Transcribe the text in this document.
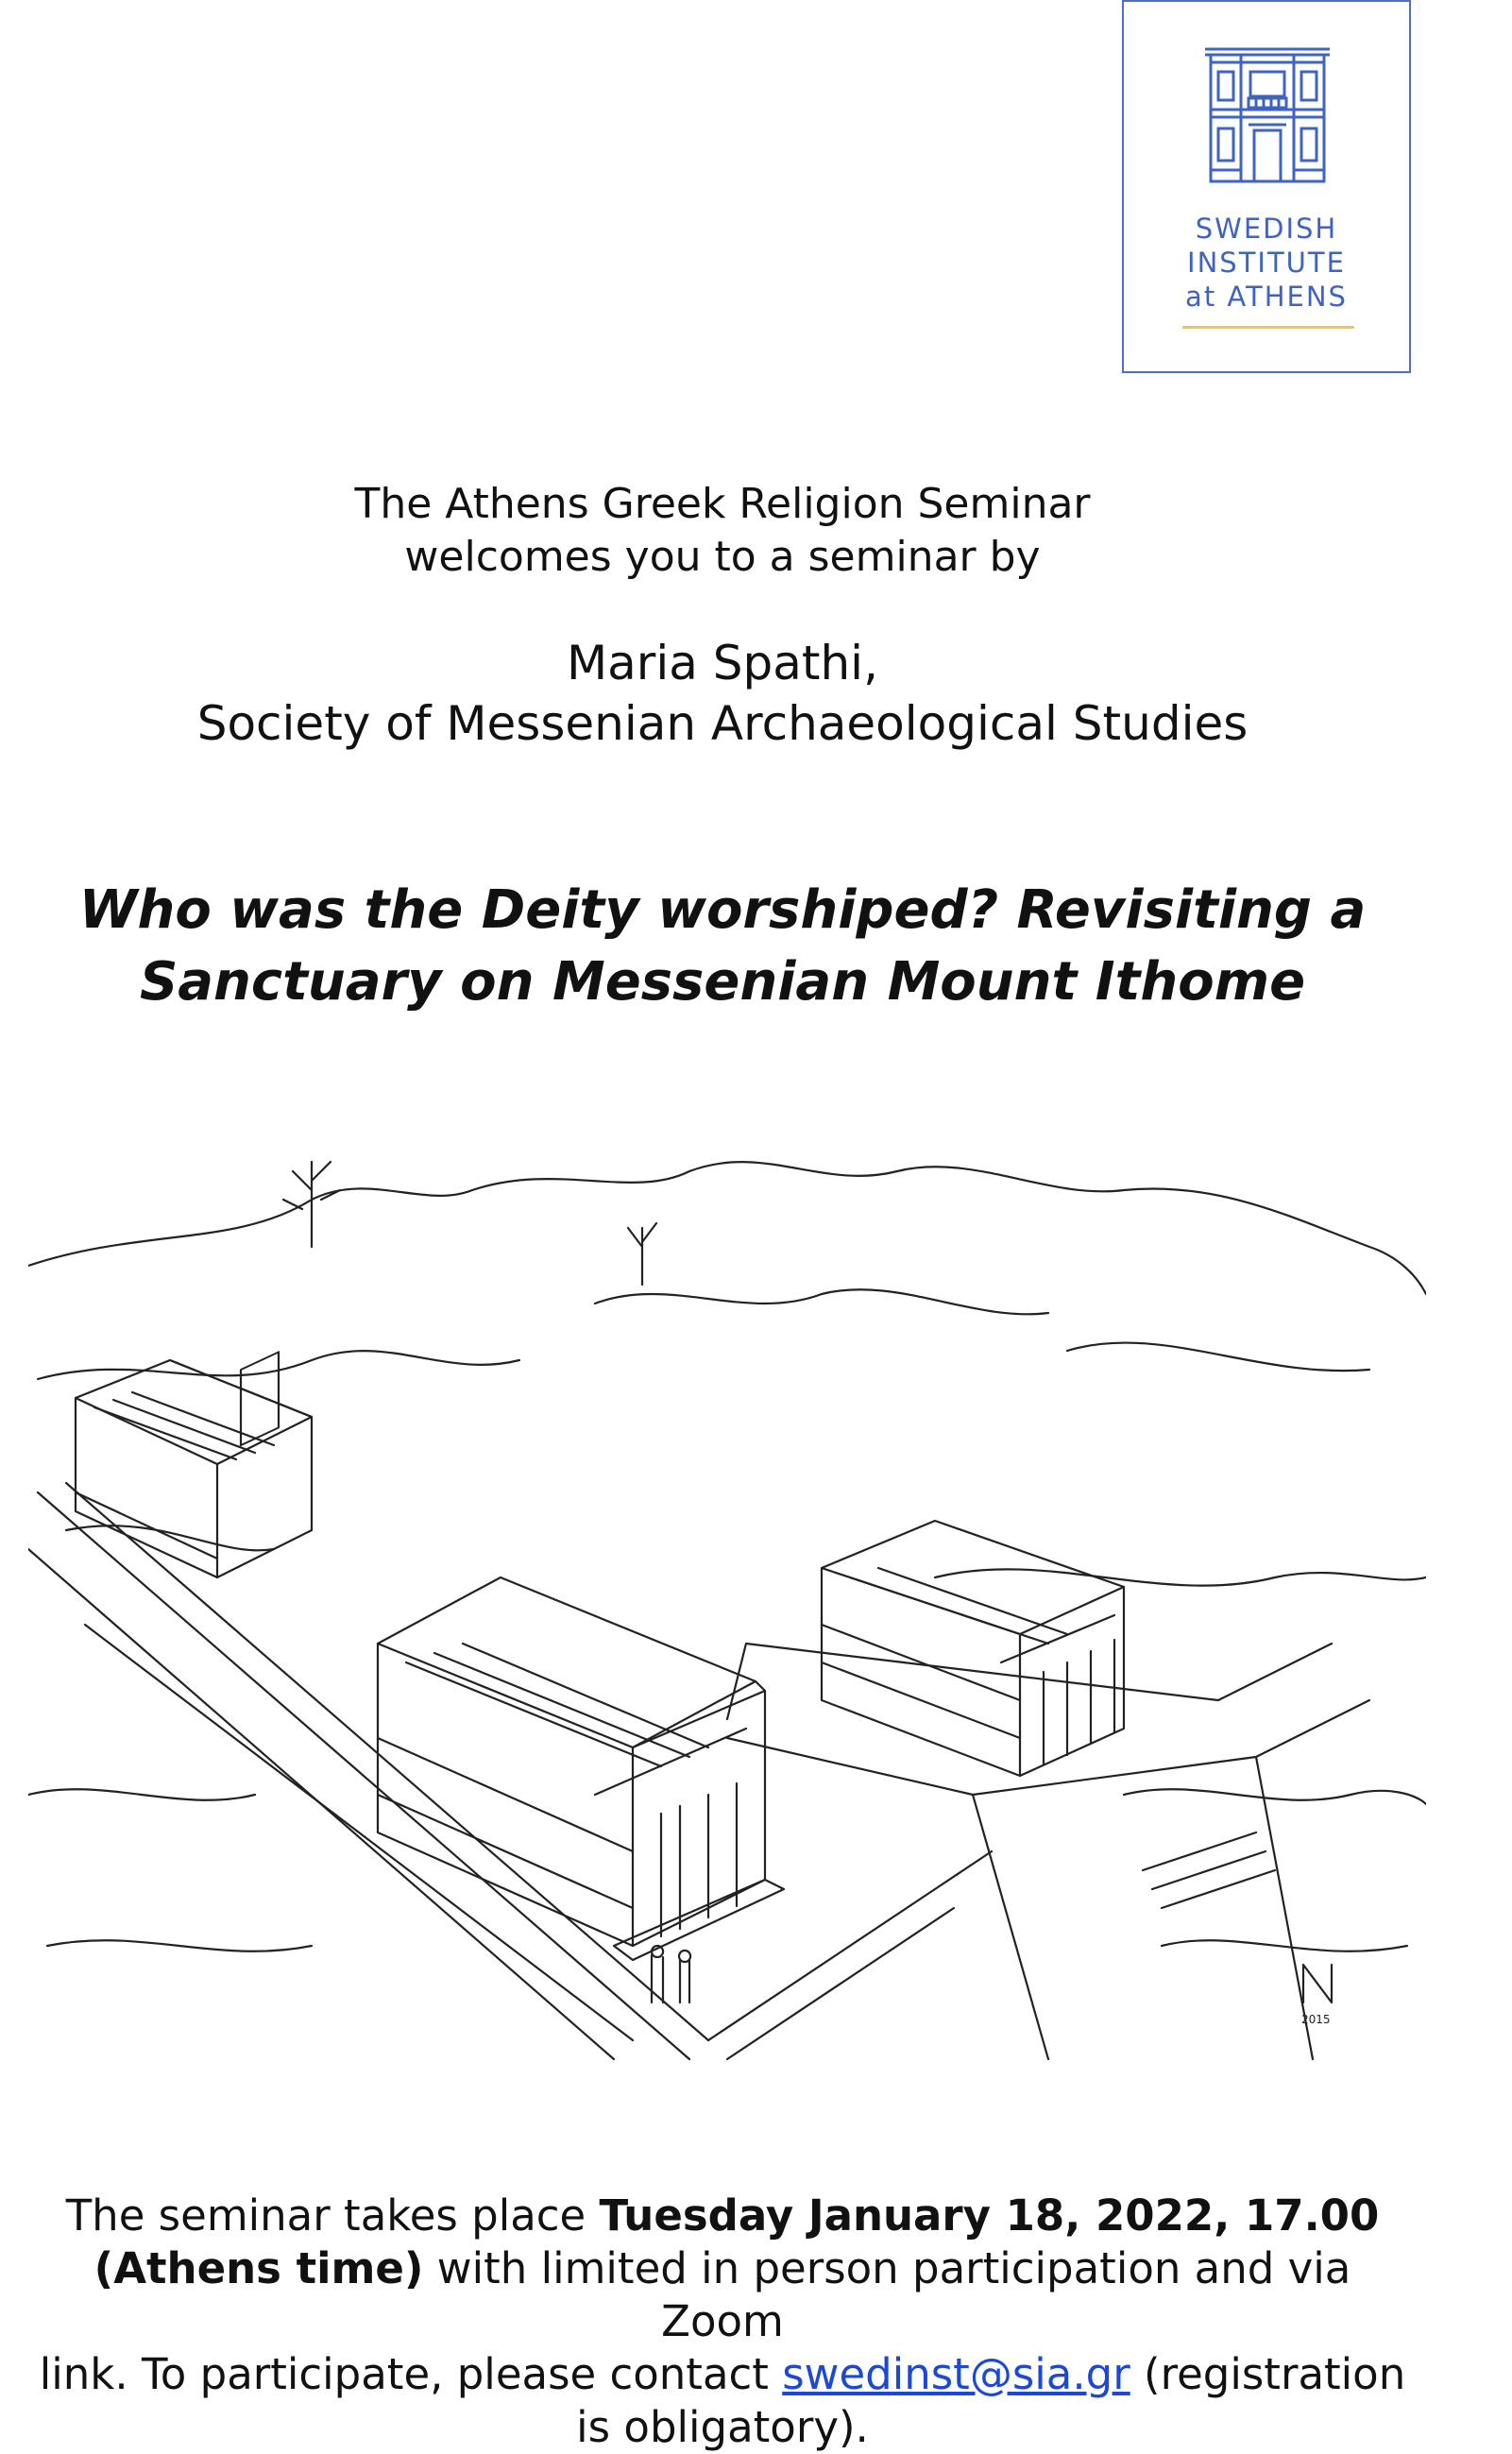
SWEDISH
INSTITUTE
at ATHENS
The Athens Greek Religion Seminar
welcomes you to a seminar by
Maria Spathi,
Society of Messenian Archaeological Studies
Who was the Deity worshiped? Revisiting a
Sanctuary on Messenian Mount Ithome
2015
The seminar takes place Tuesday January 18, 2022, 17.00
(Athens time) with limited in person participation and via Zoom
link. To participate, please contact swedinst@sia.gr (registration
is obligatory).
